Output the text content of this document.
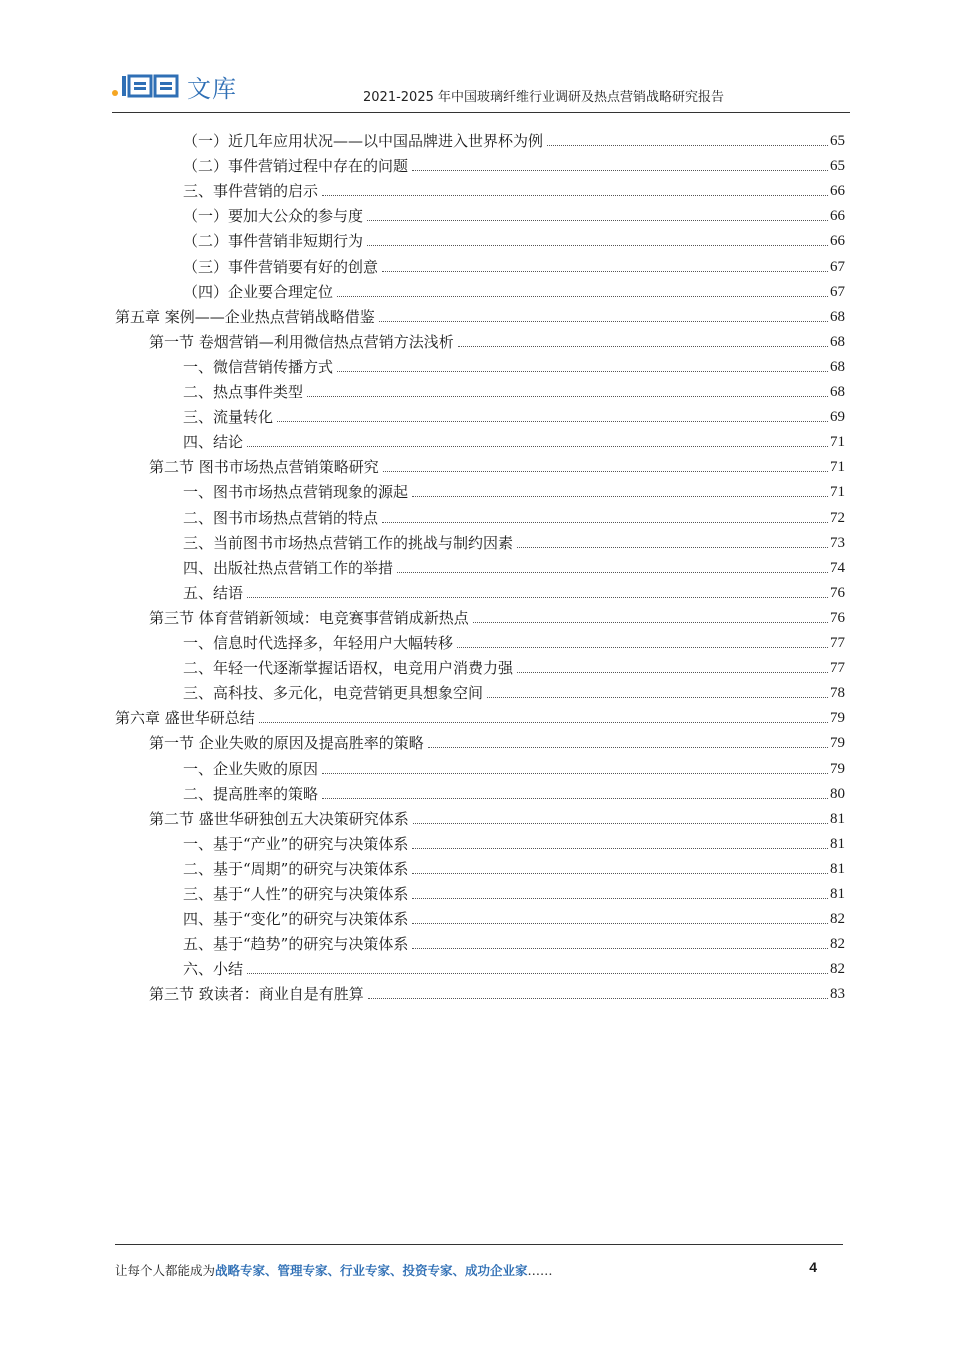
文库	2021-2025 年中国玻璃纤维行业调研及热点营销战略研究报告
（一）近几年应用状况——以中国品牌进入世界杯为例	65
（二）事件营销过程中存在的问题	65
三、事件营销的启示	66
（一）要加大公众的参与度	66
（二）事件营销非短期行为	66
（三）事件营销要有好的创意	67
（四）企业要合理定位	67
第五章 案例——企业热点营销战略借鉴	68
第一节 卷烟营销—利用微信热点营销方法浅析	68
一、微信营销传播方式	68
二、热点事件类型	68
三、流量转化	69
四、结论	71
第二节 图书市场热点营销策略研究	71
一、图书市场热点营销现象的源起	71
二、图书市场热点营销的特点	72
三、当前图书市场热点营销工作的挑战与制约因素	73
四、出版社热点营销工作的举措	74
五、结语	76
第三节 体育营销新领域：电竞赛事营销成新热点	76
一、信息时代选择多，年轻用户大幅转移	77
二、年轻一代逐渐掌握话语权，电竞用户消费力强	77
三、高科技、多元化，电竞营销更具想象空间	78
第六章 盛世华研总结	79
第一节 企业失败的原因及提高胜率的策略	79
一、企业失败的原因	79
二、提高胜率的策略	80
第二节 盛世华研独创五大决策研究体系	81
一、基于“产业”的研究与决策体系	81
二、基于“周期”的研究与决策体系	81
三、基于“人性”的研究与决策体系	81
四、基于“变化”的研究与决策体系	82
五、基于“趋势”的研究与决策体系	82
六、小结	82
第三节 致读者：商业自是有胜算	83
让每个人都能成为战略专家、管理专家、行业专家、投资专家、成功企业家……	4
